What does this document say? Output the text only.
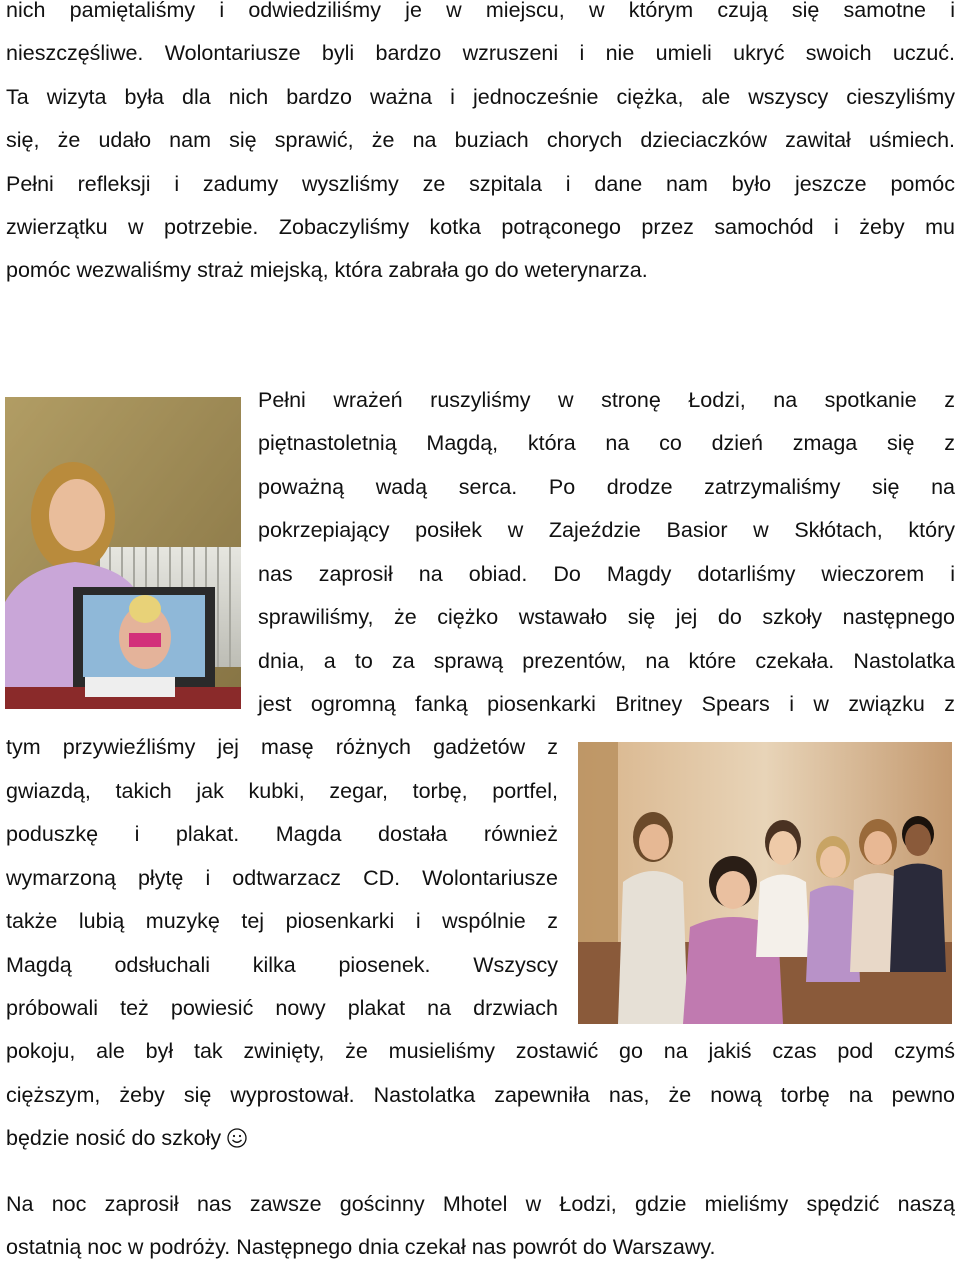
nich pamiętaliśmy i odwiedziliśmy je w miejscu, w którym czują się samotne i
nieszczęśliwe. Wolontariusze byli bardzo wzruszeni i nie umieli ukryć swoich uczuć.
Ta wizyta była dla nich bardzo ważna i jednocześnie ciężka, ale wszyscy cieszyliśmy
się, że udało nam się sprawić, że na buziach chorych dzieciaczków zawitał uśmiech.
Pełni refleksji i zadumy wyszliśmy ze szpitala i dane nam było jeszcze pomóc
zwierzątku w potrzebie. Zobaczyliśmy kotka potrąconego przez samochód i żeby mu
pomóc wezwaliśmy straż miejską, która zabrała go do weterynarza.
Pełni wrażeń ruszyliśmy w stronę Łodzi, na spotkanie z
piętnastoletnią Magdą, która na co dzień zmaga się z
poważną wadą serca. Po drodze zatrzymaliśmy się na
pokrzepiający posiłek w Zajeździe Basior w Skłótach, który
nas zaprosił na obiad. Do Magdy dotarliśmy wieczorem i
sprawiliśmy, że ciężko wstawało się jej do szkoły następnego
dnia, a to za sprawą prezentów, na które czekała. Nastolatka
jest ogromną fanką piosenkarki Britney Spears i w związku z
tym przywieźliśmy jej masę różnych gadżetów z
gwiazdą, takich jak kubki, zegar, torbę, portfel,
poduszkę i plakat. Magda dostała również
wymarzoną płytę i odtwarzacz CD. Wolontariusze
także lubią muzykę tej piosenkarki i wspólnie z
Magdą odsłuchali kilka piosenek. Wszyscy
próbowali też powiesić nowy plakat na drzwiach
pokoju, ale był tak zwinięty, że musieliśmy zostawić go na jakiś czas pod czymś
cięższym, żeby się wyprostował. Nastolatka zapewniła nas, że nową torbę na pewno
będzie nosić do szkoły
Na noc zaprosił nas zawsze gościnny Mhotel w Łodzi, gdzie mieliśmy spędzić naszą
ostatnią noc w podróży. Następnego dnia czekał nas powrót do Warszawy.
